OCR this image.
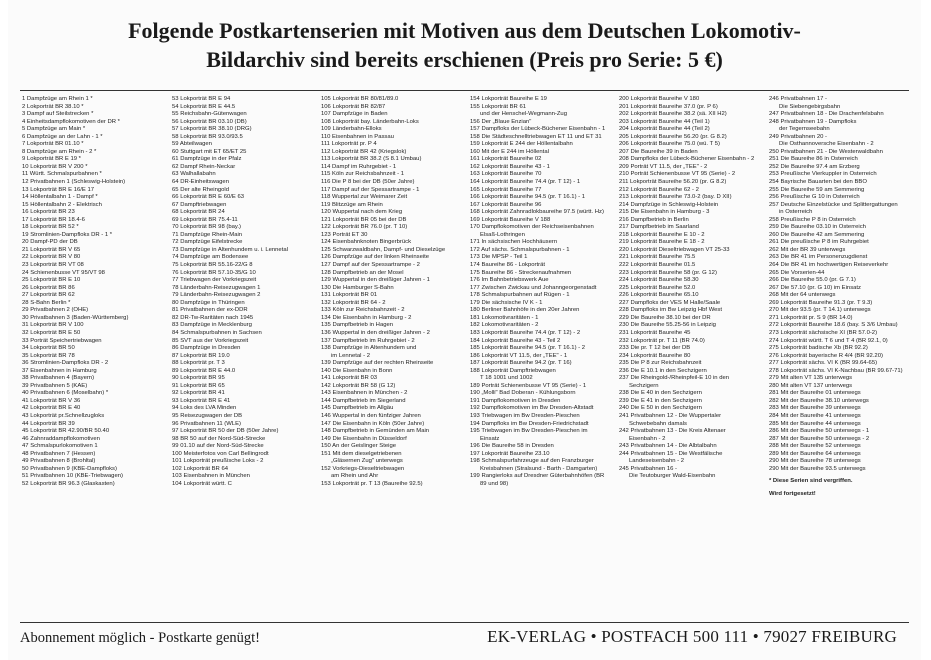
Folgende Postkartenserien mit Motiven aus dem Deutschen Lokomotiv-
Bildarchiv sind bereits erschienen (Preis pro Serie: 5 €)
1 Dampfzüge am Rhein 1 *
2 Lokporträt BR 38.10 *
3 Dampf auf Steilstrecken *
4 Einheitsdampflokomotiven der DR *
5 Dampfzüge am Main *
6 Dampfzüge an der Lahn - 1 *
7 Lokporträt BR 01.10 *
8 Dampfzüge am Rhein - 2 *
9 Lokporträt BR E 19 *
10 Lokporträt BR V 200 *
11 Württ. Schmalspurbahnen *
12 Privatbahnen 1 (Schleswig-Holstein)
13 Lokporträt BR E 16/E 17
14 Höllentalbahn 1 - Dampf *
15 Höllentalbahn 2 - Elektrisch
16 Lokporträt BR 23
17 Lokporträt BR 18.4-6
18 Lokporträt BR 52 *
19 Stromlinien-Dampfloks DR - 1 *
20 Dampf-PD der DB
21 Lokporträt BR V 65
22 Lokporträt BR V 80
23 Lokporträt BR VT 08
24 Schienenbusse VT 95/VT 98
25 Lokporträt BR E 10
26 Lokporträt BR 86
27 Lokporträt BR 62
28 S-Bahn Berlin *
29 Privatbahnen 2 (OHE)
30 Privatbahnen 3 (Baden-Württemberg)
31 Lokporträt BR V 100
32 Lokporträt BR E 50
33 Porträt Speichertriebwagen
34 Lokporträt BR 50
35 Lokporträt BR 78
36 Stromlinien-Dampfloks DR - 2
37 Eisenbahnen in Hamburg
38 Privatbahnen 4 (Bayern)
39 Privatbahnen 5 (KAE)
40 Privatbahnen 6 (Moselbahn) *
41 Lokporträt BR V 36
42 Lokporträt BR E 40
43 Lokporträt pr.Schnellzugloks
44 Lokporträt BR 39
45 Lokporträt BR 42.90/BR 50.40
46 Zahnraddampflokomotiven
47 Schmalspurlokomotiven 1
48 Privatbahnen 7 (Hessen)
49 Privatbahnen 8 (Brohltal)
50 Privatbahnen 9 (KBE-Dampfloks)
51 Privatbahnen 10 (KBE-Triebwagen)
52 Lokporträt BR 96.3 (Glaskasten)
53 Lokporträt BR E 94
54 Lokporträt BR E 44.5
55 Reichsbahn-Gütenwagen
56 Lokporträt BR 03.10 (DB)
57 Lokporträt BR 38.10 (DRG)
58 Lokporträt BR 93.0/93.5
59 Abteilwagen
60 Stuttgart mit ET 65/ET 25
61 Dampfzüge in der Pfalz
62 Dampf Rhein-Neckar
63 Walhallabahn
64 DR-Einheitswagen
65 Der alte Rheingold
66 Lokporträt BR E 60/E 63
67 Dampftriebwagen
68 Lokporträt BR 24
69 Lokporträt BR 75.4-11
70 Lokporträt BR 98 (bay.)
71 Dampfzüge Rhein-Main
72 Dampfzüge Eifelstrecke
73 Dampfzüge in Altenhundem u. i. Lennetal
74 Dampfzüge am Bodensee
75 Lokporträt BR 55.16-22/G 8
76 Lokporträt BR 57.10-35/G 10
77 Triebwagen der Vorkriegszeit
78 Länderbahn-Reisezugwagen 1
79 Länderbahn-Reisezugwagen 2
80 Dampfzüge in Thüringen
81 Privatbahnen der ex-DDR
82 DR-Tw-Raritäten nach 1945
83 Dampfzüge in Mecklenburg
84 Schmalspurbahnen in Sachsen
85 SVT aus der Vorkriegszeit
86 Dampfzüge in Dresden
87 Lokporträt BR 19.0
88 Lokporträt pr. T 3
89 Lokporträt BR E 44.0
90 Lokporträt BR 95
91 Lokporträt BR 65
92 Lokporträt BR 41
93 Lokporträt BR E 41
94 Loks des LVA Minden
95 Reisezugwagen der DB
96 Privatbahnen 11 (WLE)
97 Lokporträt BR 50 der DB (50er Jahre)
98 BR 50 auf der Nord-Süd-Strecke
99 01.10 auf der Nord-Süd-Strecke
100 Meisterfotos von Carl Bellingrodt
101 Lokporträt preußische Loks - 2
102 Lokporträt BR 64
103 Eisenbahnen in München
104 Lokporträt württ. C
105 Lokporträt BR 80/81/89.0
106 Lokporträt BR 82/87
107 Dampfzüge in Baden
108 Lokporträt bay. Länderbahn-Loks
109 Länderbahn-Elloks
110 Eisenbahnen in Passau
111 Lokporträt pr. P 4
112 Lokporträt BR 42 (Kriegslok)
113 Lokporträt BR 38.2 (S 8.1 Umbau)
114 Dampf im Ruhrgebiet - 1
115 Köln zur Reichsbahnzeit - 1
116 Die P 8 bei der DB (50er Jahre)
117 Dampf auf der Spessartrampe - 1
118 Wuppertal zur Weimarer Zeit
119 Blitzzüge am Rhein
120 Wuppertal nach dem Krieg
121 Lokporträt BR 05 bei der DB
122 Lokporträt BR 76.0 (pr. T 10)
123 Porträt ET 30
124 Eisenbahnknoten Bingerbrück
125 Schwarzwaldbahn, Dampf- und Dieselzüge
126 Dampfzüge auf der linken Rheinseite
127 Dampf auf der Spessartrampe - 2
128 Dampfbetrieb an der Mosel
129 Wuppertal in den dreißiger Jahren - 1
130 Die Hamburger S-Bahn
131 Lokporträt BR 01
132 Lokporträt BR 64 - 2
133 Köln zur Reichsbahnzeit - 2
134 Die Eisenbahn in Hamburg - 2
135 Dampfbetrieb in Hagen
136 Wuppertal in den dreißiger Jahren - 2
137 Dampfbetrieb im Ruhrgebiet - 2
138 Dampfzüge in Altenhundem und
im Lennetal - 2
139 Dampfzüge auf der rechten Rheinseite
140 Die Eisenbahn in Bonn
141 Lokporträt BR 03
142 Lokporträt BR 58 (G 12)
143 Eisenbahnen in München - 2
144 Dampfbetrieb im Siegerland
145 Dampfbetrieb im Allgäu
146 Wuppertal in den fünfziger Jahren
147 Die Eisenbahn in Köln (50er Jahre)
148 Dampfbetrieb in Gemünden am Main
149 Die Eisenbahn in Düsseldorf
150 An der Geislinger Steige
151 Mit dem dieselgetriebenen
„Gläsernen Zug" unterwegs
152 Vorkriegs-Dieseltriebwagen
am Rhein und Ahr
153 Lokporträt pr. T 13 (Baureihe 92.5)
154 Lokporträt Baureihe E 19
155 Lokporträt BR 61
und der Henschel-Wegmann-Zug
156 Der „Blaue Enzian"
157 Dampfloks der Lübeck-Büchener Eisenbahn - 1
158 Die Städteschnelltriebwagen ET 11 und ET 31
159 Lokporträt E 244 der Höllentalbahn
160 Mit der E 244 im Höllental
161 Lokporträt Baureihe 02
162 Lokporträt Baureihe 43 - 1
163 Lokporträt Baureihe 70
164 Lokporträt Baureihe 74.4 (pr. T 12) - 1
165 Lokporträt Baureihe 77
166 Lokporträt Baureihe 94.5 (pr. T 16.1) - 1
167 Lokporträt Baureihe 96
168 Lokporträt Zahnradlokbaureihe 97.5 (württ. Hz)
169 Lokporträt Baureihe V 188
170 Dampflokomotiven der Reichseisenbahnen
Elsaß-Lothringen
171 In sächsischen Hochhäusern
172 Auf sächs. Schmalspurbahnen - 1
173 Die MPSP - Teil 1
174 Baureihe 86 - Lokporträt
175 Baureihe 86 - Streckenaufnahmen
176 Im Bahnbetriebswerk Aue
177 Zwischen Zwickau und Johanngeorgenstadt
178 Schmalspurbahnen auf Rügen - 1
179 Die sächsische IV K - 1
180 Berliner Bahnhöfe in den 20er Jahren
181 Lokomotivraritäten - 1
182 Lokomotivraritäten - 2
183 Lokporträt Baureihe 74.4 (pr. T 12) - 2
184 Lokporträt Baureihe 43 - Teil 2
185 Lokporträt Baureihe 94.5 (pr. T 16.1) - 2
186 Lokporträt VT 11.5, der „TEE" - 1
187 Lokporträt Baureihe 94.2 (pr. T 16)
188 Lokporträt Dampftriebwagen
T 18 1001 und 1002
189 Porträt Schienenbusse VT 95 (Serie) - 1
190 „Molli" Bad Doberan - Kühlungsborn
191 Dampflokomotiven in Dresden
192 Dampflokomotiven im Bw Dresden-Altstadt
193 Triebwagen im Bw Dresden-Pieschen
194 Dampfloks im Bw Dresden-Friedrichstadt
195 Triebwagen im Bw Dresden-Pieschen im
Einsatz
196 Die Baureihe 58 in Dresden
197 Lokporträt Baureihe 23.10
198 Schmalspurfahrzeuge auf den Franzburger
Kreisbahnen (Stralsund - Barth - Damgarten)
199 Rangierloks auf Dresdner Güterbahnhöfen (BR
89 und 98)
200 Lokporträt Baureihe V 180
201 Lokporträt Baureihe 37.0 (pr. P 6)
202 Lokporträt Baureihe 38.2 (sä. XII H2)
203 Lokporträt Baureihe 44 (Teil 1)
204 Lokporträt Baureihe 44 (Teil 2)
205 Lokporträt Baureihe 56.20 (pr. G 8.2)
206 Lokporträt Baureihe 75.0 (wü. T 5)
207 Die Baureihe 39 in Baden
208 Dampfloks der Lübeck-Büchener Eisenbahn - 2
209 Porträt VT 11.5, der „TEE" - 2
210 Porträt Schienenbusse VT 95 (Serie) - 2
211 Lokporträt Baureihe 56.20 (pr. G 8.2)
212 Lokporträt Baureihe 62 - 2
213 Lokporträt Baureihe 73.0-2 (bay. D XII)
214 Dampfzüge in Schleswig-Holstein
215 Die Eisenbahn in Hamburg - 3
216 Dampfbetrieb in Berlin
217 Dampfbetrieb im Saarland
218 Lokporträt Baureihe E 10 - 2
219 Lokporträt Baureihe E 18 - 2
220 Lokporträt Dieseltriebwagen VT 25-33
221 Lokporträt Baureihe 75.5
222 Lokporträt Baureihe 01.5
223 Lokporträt Baureihe 58 (pr. G 12)
224 Lokporträt Baureihe 58.30
225 Lokporträt Baureihe 52.0
226 Lokporträt Baureihe 65.10
227 Dampfloks der VES M Halle/Saale
228 Dampfloks im Bw Leipzig Hbf West
229 Die Baureihe 38.10 bei der DR
230 Die Baureihe 55.25-56 in Leipzig
231 Lokporträt Baureihe 45
232 Lokporträt pr. T 11 (BR 74.0)
233 Die pr. T 12 bei der DB
234 Lokporträt Baureihe 80
235 Die P 8 zur Reichsbahnzeit
236 Die E 10.1 in den Sechzigern
237 Die Rheingold-/Rheinpfeil-E 10 in den
Sechzigern
238 Die E 40 in den Sechzigern
239 Die E 41 in den Sechzigern
240 Die E 50 in den Sechzigern
241 Privatbahnen 12 - Die Wuppertaler
Schwebebahn damals
242 Privatbahnen 13 - Die Kreis Altenaer
Eisenbahn - 2
243 Privatbahnen 14 - Die Albtalbahn
244 Privatbahnen 15 - Die Westfälische
Landeseisenbahn - 2
245 Privatbahnen 16 -
Die Teutoburger Wald-Eisenbahn
246 Privatbahnen 17 -
Die Siebengebirgsbahn
247 Privatbahnen 18 - Die Drachenfelsbahn
248 Privatbahnen 19 - Dampfloks
der Tegernseebahn
249 Privatbahnen 20 -
Die Osthannoversche Eisenbahn - 2
250 Privatbahnen 21 - Die Westerwaldbahn
251 Die Baureihe 86 in Österreich
252 Die Baureihe 97.4 am Erzberg
253 Preußische Vierkuppler in Österreich
254 Bayrische Bauarten bei den BBÖ
255 Die Baureihe 59 am Semmering
256 Preußische G 10 in Österreich
257 Deutsche Einzelstücke und Splittergattungen
in Österreich
258 Preußische P 8 in Österreich
259 Die Baureihe 03.10 in Österreich
260 Die Baureihe 42 am Semmering
261 Die preußische P 8 im Ruhrgebiet
262 Mit der BR 39 unterwegs
263 Die BR 41 im Personenzugdienst
264 Die BR 41 im hochwertigen Reiseverkehr
265 Die Vorserien-44
266 Die Baureihe 55.0 (pr. G 7.1)
267 Die 57.10 (pr. G 10) im Einsatz
268 Mit der 64 unterwegs
269 Lokporträt Baureihe 91.3 (pr. T 9.3)
270 Mit der 93.5 (pr. T 14.1) unterwegs
271 Lokporträt pr. S 9 (BR 14.0)
272 Lokporträt Baureihe 18.6 (bay. S 3/6 Umbau)
273 Lokporträt sächsische XI (BR 57.0-2)
274 Lokporträt württ. T 6 und T 4 (BR 92.1, 0)
275 Lokporträt badische Xb (BR 92.2)
276 Lokporträt bayerische R 4/4 (BR 92.20)
277 Lokporträt sächs. VI K (BR 99.64-65)
278 Lokporträt sächs. VI K-Nachbau (BR 99.67-71)
279 Mit alten VT 135 unterwegs
280 Mit alten VT 137 unterwegs
281 Mit der Baureihe 01 unterwegs
282 Mit der Baureihe 38.10 unterwegs
283 Mit der Baureihe 39 unterwegs
284 Mit der Baureihe 41 unterwegs
285 Mit der Baureihe 44 unterwegs
286 Mit der Baureihe 50 unterwegs - 1
287 Mit der Baureihe 50 unterwegs - 2
288 Mit der Baureihe 52 unterwegs
289 Mit der Baureihe 64 unterwegs
290 Mit der Baureihe 78 unterwegs
290 Mit der Baureihe 93.5 unterwegs
* Diese Serien sind vergriffen.
Wird fortgesetzt!
Abonnement möglich - Postkarte genügt!	EK-VERLAG • POSTFACH 500 111 • 79027 FREIBURG
